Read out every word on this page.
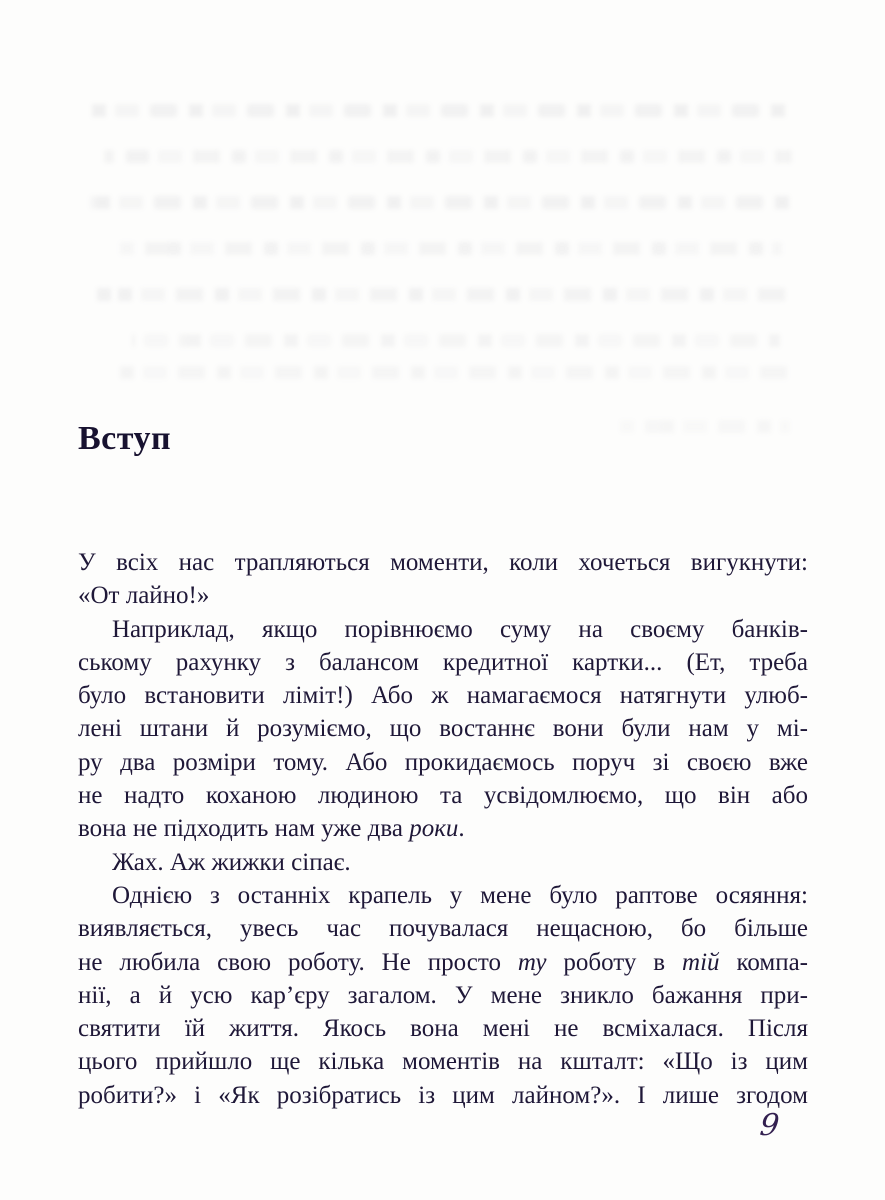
Вступ
У всіх нас трапляються моменти, коли хочеться вигукнути:
«От лайно!»
Наприклад, якщо порівнюємо суму на своєму банків-
ському рахунку з балансом кредитної картки... (Ет, треба
було встановити ліміт!) Або ж намагаємося натягнути улюб-
лені штани й розуміємо, що востаннє вони були нам у мі-
ру два розміри тому. Або прокидаємось поруч зі своєю вже
не надто коханою людиною та усвідомлюємо, що він або
вона не підходить нам уже два роки.
Жах. Аж жижки сіпає.
Однією з останніх крапель у мене було раптове осяяння:
виявляється, увесь час почувалася нещасною, бо більше
не любила свою роботу. Не просто ту роботу в тій компа-
нії, а й усю кар’єру загалом. У мене зникло бажання при-
святити їй життя. Якось вона мені не всміхалася. Після
цього прийшло ще кілька моментів на кшталт: «Що із цим
робити?» і «Як розібратись із цим лайном?». І лише згодом
9
